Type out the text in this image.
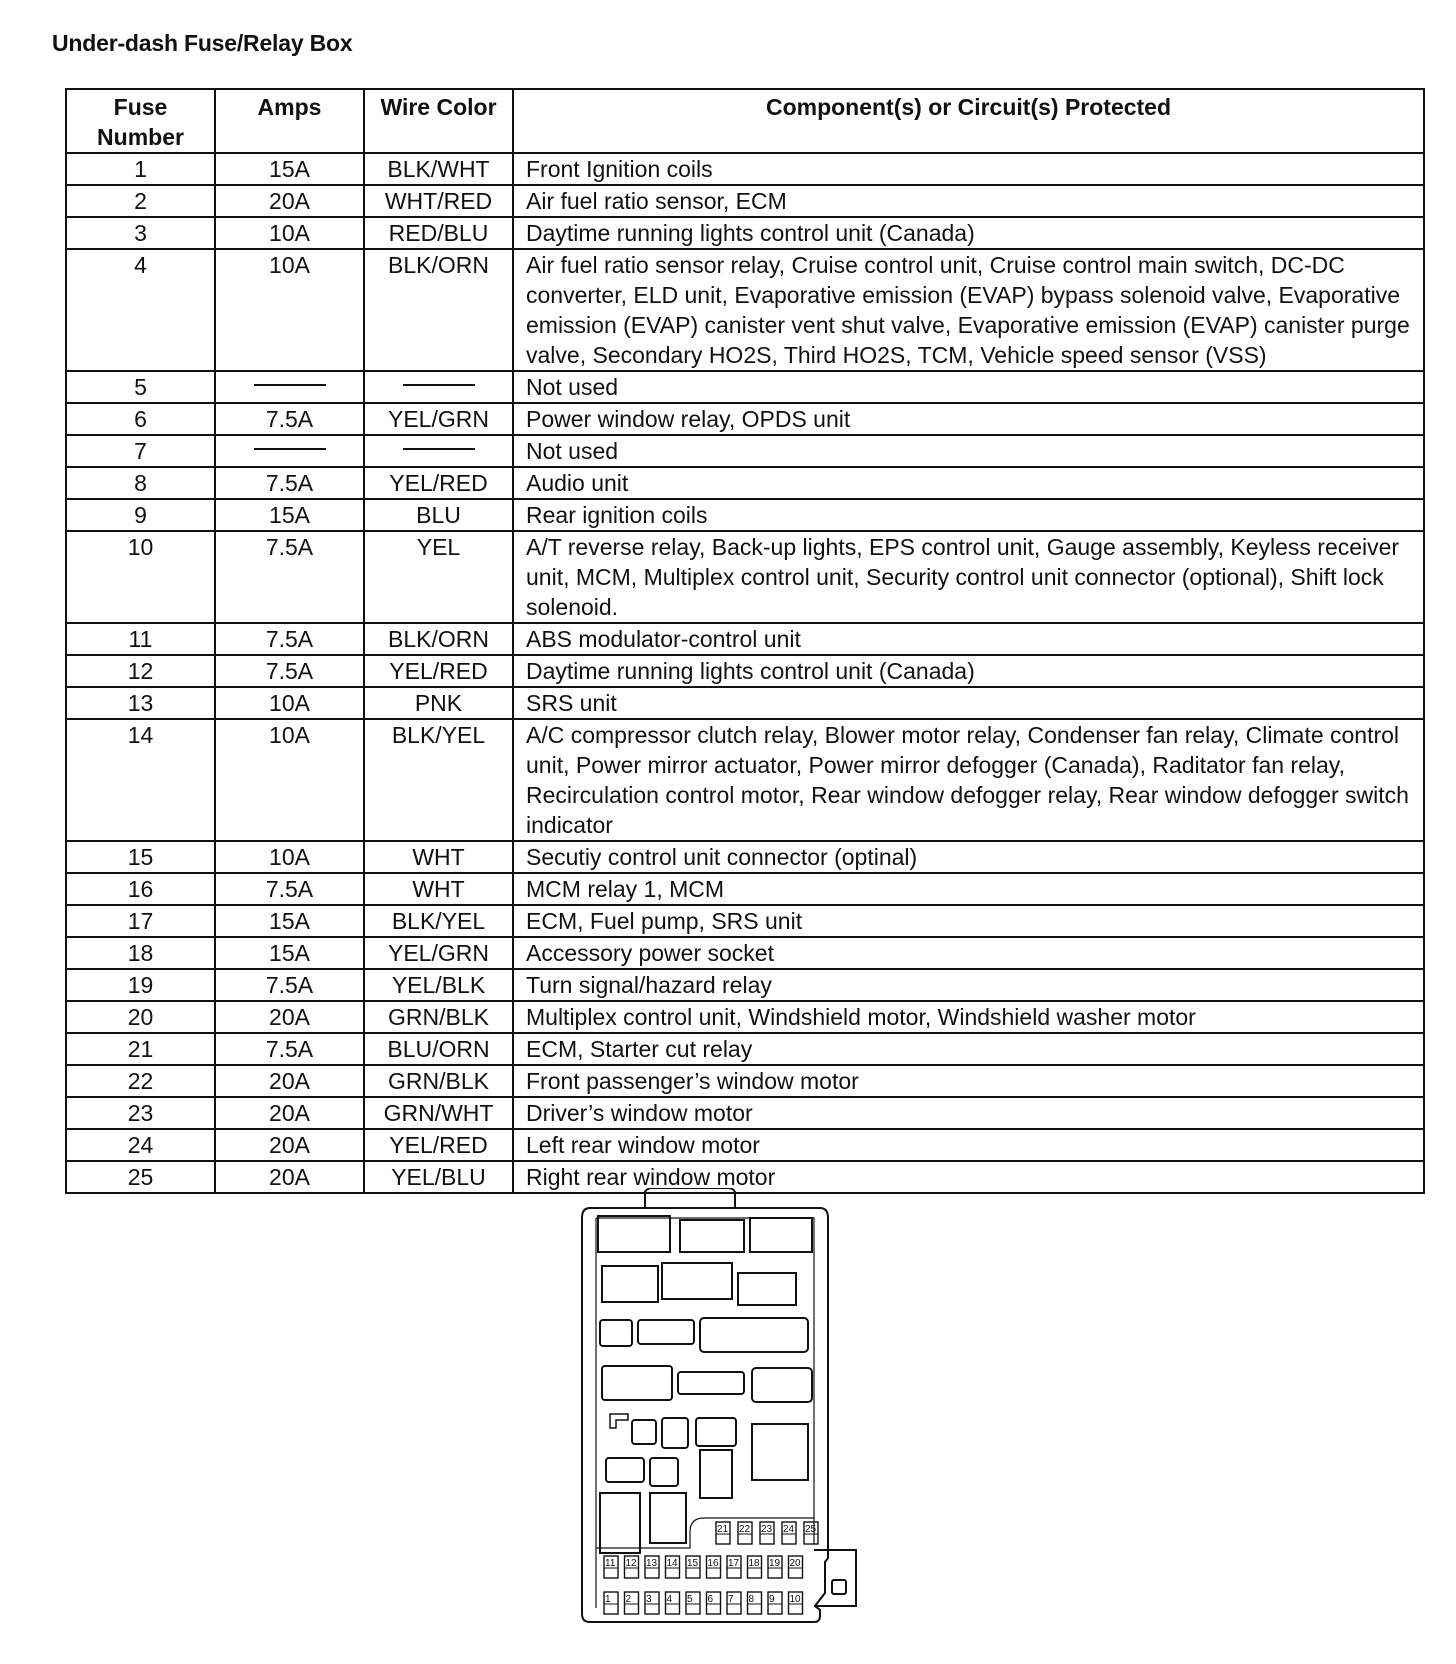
Under-dash Fuse/Relay Box
Fuse Number	Amps	Wire Color	Component(s) or Circuit(s) Protected
1	15A	BLK/WHT	Front Ignition coils
2	20A	WHT/RED	Air fuel ratio sensor, ECM
3	10A	RED/BLU	Daytime running lights control unit (Canada)
4	10A	BLK/ORN	Air fuel ratio sensor relay, Cruise control unit, Cruise control main switch, DC-DC converter, ELD unit, Evaporative emission (EVAP) bypass solenoid valve, Evaporative emission (EVAP) canister vent shut valve, Evaporative emission (EVAP) canister purge valve, Secondary HO2S, Third HO2S, TCM, Vehicle speed sensor (VSS)
5			Not used
6	7.5A	YEL/GRN	Power window relay, OPDS unit
7			Not used
8	7.5A	YEL/RED	Audio unit
9	15A	BLU	Rear ignition coils
10	7.5A	YEL	A/T reverse relay, Back-up lights, EPS control unit, Gauge assembly, Keyless receiver unit, MCM, Multiplex control unit, Security control unit connector (optional), Shift lock solenoid.
11	7.5A	BLK/ORN	ABS modulator-control unit
12	7.5A	YEL/RED	Daytime running lights control unit (Canada)
13	10A	PNK	SRS unit
14	10A	BLK/YEL	A/C compressor clutch relay, Blower motor relay, Condenser fan relay, Climate control unit, Power mirror actuator, Power mirror defogger (Canada), Raditator fan relay, Recirculation control motor, Rear window defogger relay, Rear window defogger switch indicator
15	10A	WHT	Secutiy control unit connector (optinal)
16	7.5A	WHT	MCM relay 1, MCM
17	15A	BLK/YEL	ECM, Fuel pump, SRS unit
18	15A	YEL/GRN	Accessory power socket
19	7.5A	YEL/BLK	Turn signal/hazard relay
20	20A	GRN/BLK	Multiplex control unit, Windshield motor, Windshield washer motor
21	7.5A	BLU/ORN	ECM, Starter cut relay
22	20A	GRN/BLK	Front passenger’s window motor
23	20A	GRN/WHT	Driver’s window motor
24	20A	YEL/RED	Left rear window motor
25	20A	YEL/BLU	Right rear window motor
21 22 23 24 25
11 12 13 14 15 16 17 18 19 20
1 2 3 4 5 6 7 8 9 10
